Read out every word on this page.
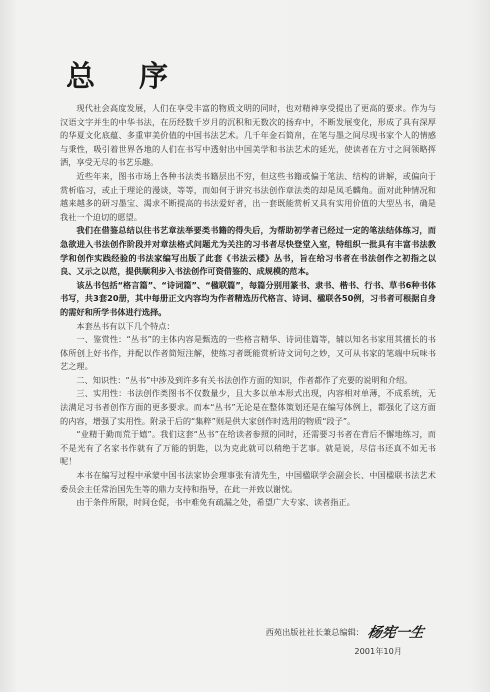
总 序

现代社会高度发展，人们在享受丰富的物质文明的同时，也对精神享受提出了更高的要求。作为与汉语文字并生的中华书法，在历经数千岁月的沉积和无数次的扬弃中，不断发展变化，形成了具有深厚的华夏文化底蕴、多重审美价值的中国书法艺术。几千年金石简帛，在笔与墨之间尽现书家个人的情感与秉性，吸引着世界各地的人们在书写中透射出中国美学和书法艺术的延光，使读者在方寸之间领略挥洒，享受无尽的书艺乐趣。

近些年来，图书市场上各种书法类书籍层出不穷，但这些书籍或偏于笔法、结构的讲解，或偏向于赏析临习，或止于理论的漫谈，等等，而如何于讲究书法创作章法类的却是凤毛麟角。面对此种情况和越来越多的研习墨宝、渴求不断提高的书法爱好者，出一套既能赏析又具有实用价值的大型丛书，确是我社一个迫切的愿望。

我们在借鉴总结以往书艺章法举要类书籍的得失后，为帮助初学者已经过一定的笔法结体练习，而急欲进入书法创作阶段并对章法格式问题尤为关注的习书者尽快登堂入室，特组织一批具有丰富书法教学和创作实践经验的书法家编写出版了此套《书法云楼》丛书，旨在给习书者在书法创作之初指之以良、又示之以范，提供顺利步入书法创作可资借鉴的、成规模的范本。

该丛书包括“格言篇”、“诗词篇”、“楹联篇”，每篇分别用篆书、隶书、楷书、行书、草书6种书体书写，共3套20册，其中每册正文内容均为作者精选历代格言、诗词、楹联各50例，习书者可根据自身的需好和所学书体进行选择。

本套丛书有以下几个特点：

一、鉴赏性：“丛书”的主体内容是甄选的一些格言精华、诗词佳篇等，辅以知名书家用其擅长的书体所创上好书作，并配以作者简短注解，使练习者既能赏析诗文词句之妙，又可从书家的笔端中玩味书艺之理。

二、知识性：“丛书”中涉及到许多有关书法创作方面的知识，作者都作了充要的说明和介绍。

三、实用性：书法创作类图书不仅数量少，且大多以单本形式出现，内容相对单薄，不成系统，无法满足习书者创作方面的更多要求。而本“丛书”无论是在整体策划还是在编写体例上，都强化了这方面的内容，增强了实用性。附录于后的“集粹”则是供大家创作时选用的物质“段子”。

“业精于勤而荒于嬉”。我们这套“丛书”在给读者参照的同时，还需要习书者在背后不懈地练习，而不是光有了名家书作就有了万能的钥匙，以为克此就可以稍绝于艺事。就是说，尽信书还真不如无书呢！

本书在编写过程中承蒙中国书法家协会理事张有清先生，中国楹联学会副会长、中国楹联书法艺术委员会主任常治国先生等的鼎力支持和指导，在此一并致以谢忱。

由于条件所限，时间仓促，书中难免有疏漏之处，希望广大专家、读者指正。

西苑出版社社长兼总编辑： 杨宪一生
2001年10月
